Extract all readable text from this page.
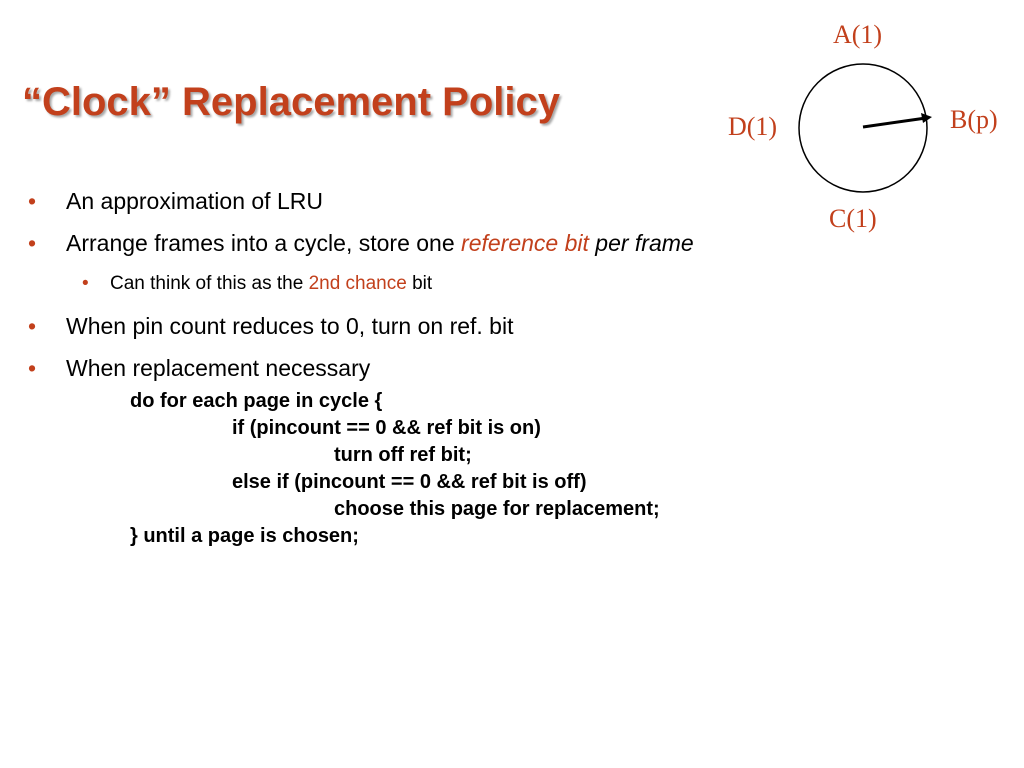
“Clock” Replacement Policy
• An approximation of LRU
• Arrange frames into a cycle, store one reference bit per frame
• Can think of this as the 2nd chance bit
• When pin count reduces to 0, turn on ref. bit
• When replacement necessary
do for each page in cycle {
if (pincount == 0 && ref bit is on)
turn off ref bit;
else if (pincount == 0 && ref bit is off)
choose this page for replacement;
} until a page is chosen;
A(1)
B(p)
C(1)
D(1)
